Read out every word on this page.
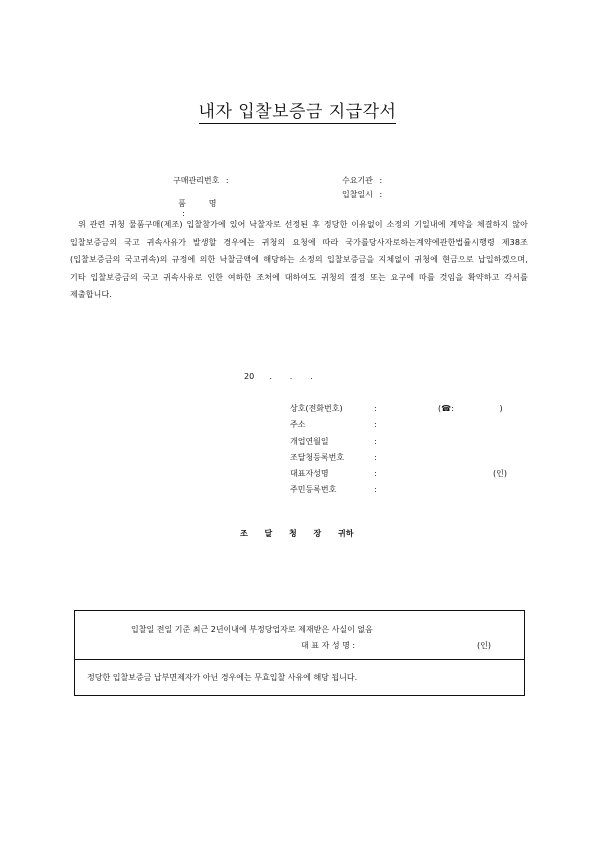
내자 입찰보증금 지급각서
구매관리번호 :

품         명
:

수요기관 :
입찰일시 :
위 관련 귀청 물품구매(제조) 입찰참가에 있어 낙찰자로 선정된 후 정당한 이유없이 소정의 기일내에 계약을 체결하지 않아 입찰보증금의 국고 귀속사유가 발생할 경우에는 귀청의 요청에 따라 국가를당사자로하는계약에관한법률시행령 제38조(입찰보증금의 국고귀속)의 규정에 의한 낙찰금액에 해당하는 소정의 입찰보증금을 지체없이 귀청에 현금으로 납입하겠으며, 기타 입찰보증금의 국고 귀속사유로 인한 여하한 조처에 대하여도 귀청의 결정 또는 요구에 따를 것임을 확약하고 각서를 제출합니다.
20      .       .       .
상호(전화번호)	:	(☎:                  )
주소	:
개업연월일	:
조달청등록번호	:
대표자성명	:	(인)
주민등록번호	:
조 달 청 장 귀하
입찰일 전일 기준 최근 2년이내에 부정당업자로 제재받은 사실이 없음
대 표 자 성 명 :	(인)
정당한 입찰보증금 납부면제자가 아닌 경우에는 무효입찰 사유에 해당 됩니다.
